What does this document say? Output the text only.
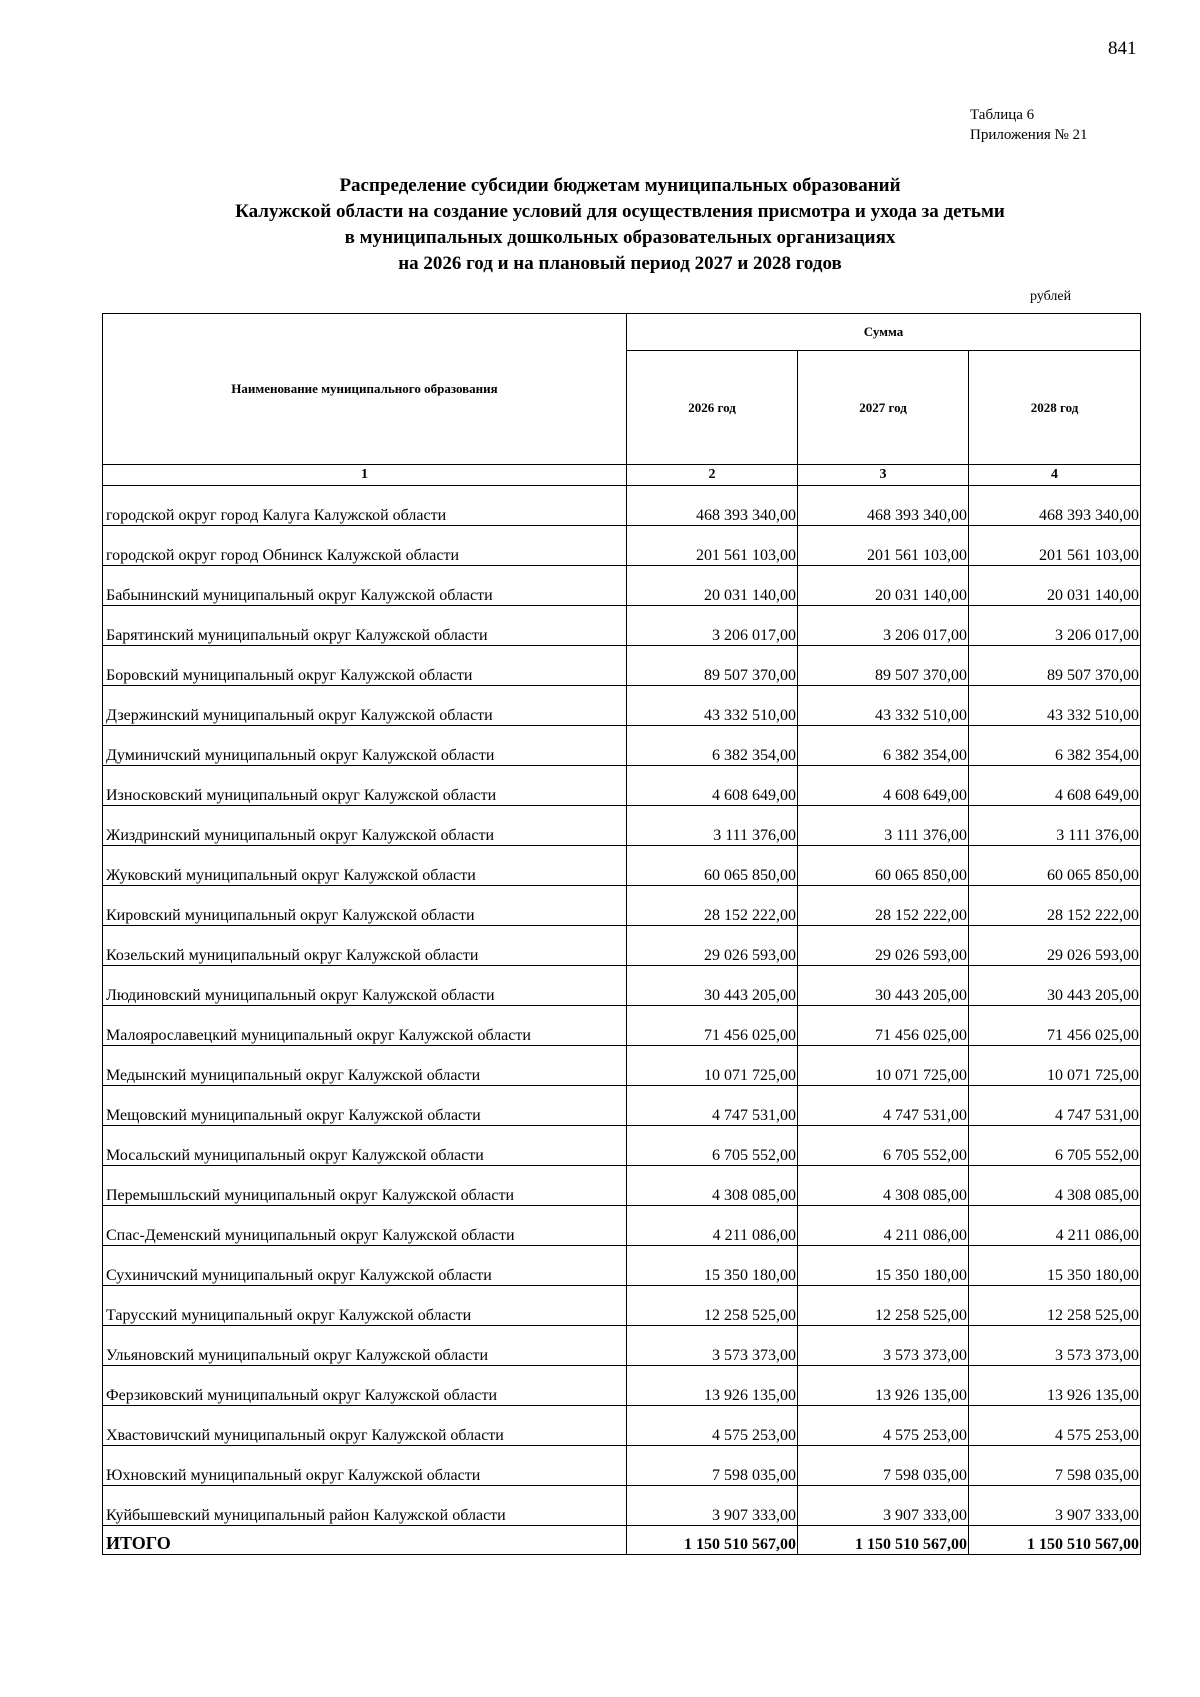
841
Таблица 6
Приложения № 21
Распределение субсидии бюджетам муниципальных образований
Калужской области на создание условий для осуществления присмотра и ухода за детьми
в муниципальных дошкольных образовательных организациях
на 2026 год и на плановый период 2027 и 2028 годов
рублей
Наименование муниципального образования	Сумма		
	2026 год	2027 год	2028 год
1	2	3	4
городской округ город Калуга Калужской области	468 393 340,00	468 393 340,00	468 393 340,00
городской округ город Обнинск Калужской области	201 561 103,00	201 561 103,00	201 561 103,00
Бабынинский муниципальный округ Калужской области	20 031 140,00	20 031 140,00	20 031 140,00
Барятинский муниципальный округ Калужской области	3 206 017,00	3 206 017,00	3 206 017,00
Боровский муниципальный округ Калужской области	89 507 370,00	89 507 370,00	89 507 370,00
Дзержинский муниципальный округ Калужской области	43 332 510,00	43 332 510,00	43 332 510,00
Думиничский муниципальный округ Калужской области	6 382 354,00	6 382 354,00	6 382 354,00
Износковский муниципальный округ Калужской области	4 608 649,00	4 608 649,00	4 608 649,00
Жиздринский муниципальный округ Калужской области	3 111 376,00	3 111 376,00	3 111 376,00
Жуковский муниципальный округ Калужской области	60 065 850,00	60 065 850,00	60 065 850,00
Кировский муниципальный округ Калужской области	28 152 222,00	28 152 222,00	28 152 222,00
Козельский муниципальный округ Калужской области	29 026 593,00	29 026 593,00	29 026 593,00
Людиновский муниципальный округ Калужской области	30 443 205,00	30 443 205,00	30 443 205,00
Малоярославецкий муниципальный округ Калужской области	71 456 025,00	71 456 025,00	71 456 025,00
Медынский муниципальный округ Калужской области	10 071 725,00	10 071 725,00	10 071 725,00
Мещовский муниципальный округ Калужской области	4 747 531,00	4 747 531,00	4 747 531,00
Мосальский муниципальный округ Калужской области	6 705 552,00	6 705 552,00	6 705 552,00
Перемышльский муниципальный округ Калужской области	4 308 085,00	4 308 085,00	4 308 085,00
Спас-Деменский муниципальный округ Калужской области	4 211 086,00	4 211 086,00	4 211 086,00
Сухиничский муниципальный округ Калужской области	15 350 180,00	15 350 180,00	15 350 180,00
Тарусский муниципальный округ Калужской области	12 258 525,00	12 258 525,00	12 258 525,00
Ульяновский муниципальный округ Калужской области	3 573 373,00	3 573 373,00	3 573 373,00
Ферзиковский муниципальный округ Калужской области	13 926 135,00	13 926 135,00	13 926 135,00
Хвастовичский муниципальный округ Калужской области	4 575 253,00	4 575 253,00	4 575 253,00
Юхновский муниципальный округ Калужской области	7 598 035,00	7 598 035,00	7 598 035,00
Куйбышевский муниципальный район Калужской области	3 907 333,00	3 907 333,00	3 907 333,00
ИТОГО	1 150 510 567,00	1 150 510 567,00	1 150 510 567,00
